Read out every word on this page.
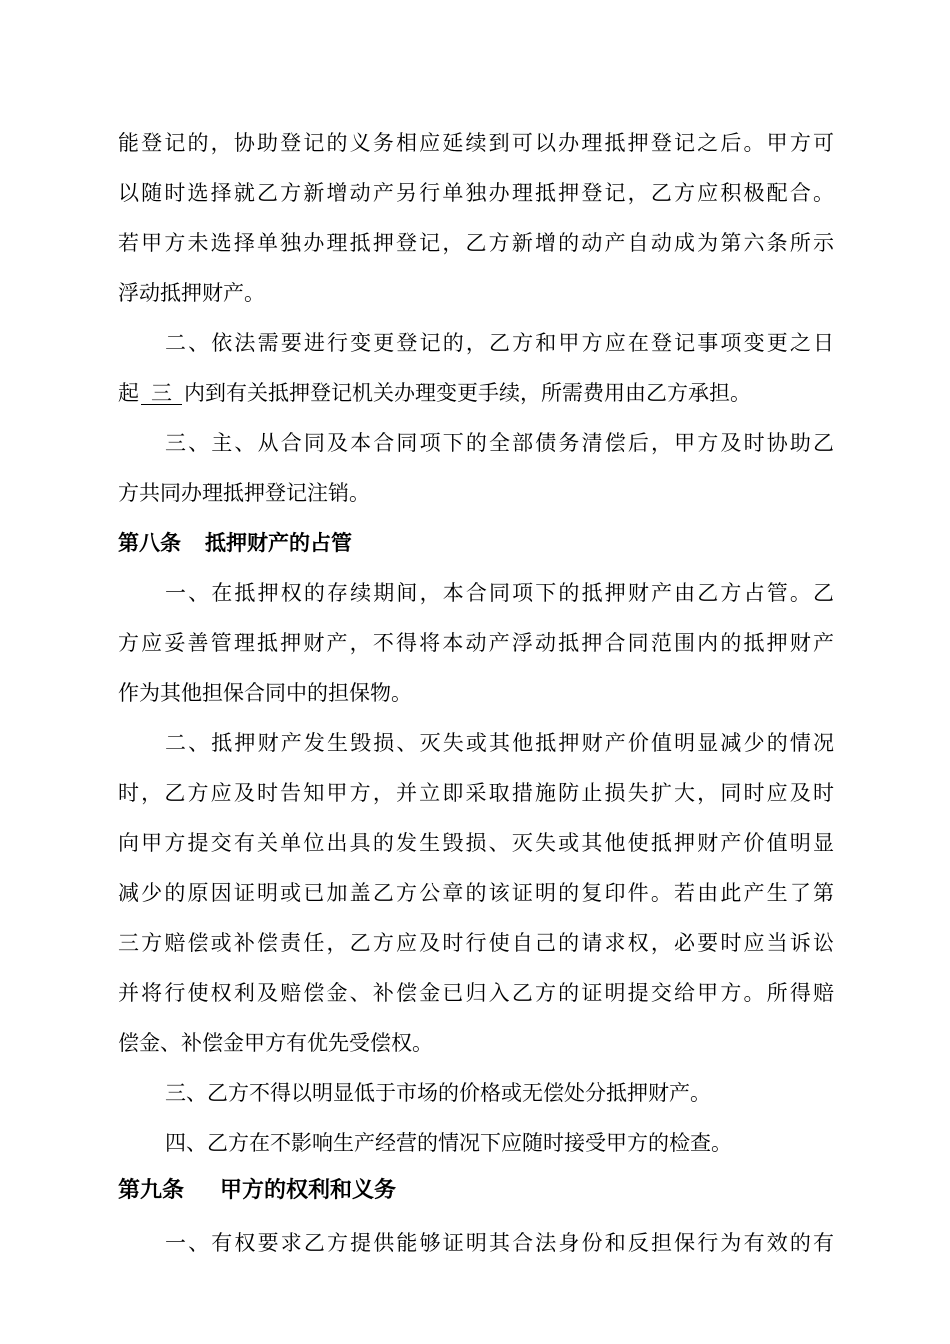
能登记的，协助登记的义务相应延续到可以办理抵押登记之后。甲方可
以随时选择就乙方新增动产另行单独办理抵押登记，乙方应积极配合。
若甲方未选择单独办理抵押登记，乙方新增的动产自动成为第六条所示
浮动抵押财产。
二、依法需要进行变更登记的，乙方和甲方应在登记事项变更之日
起 三 内到有关抵押登记机关办理变更手续，所需费用由乙方承担。
三、主、从合同及本合同项下的全部债务清偿后，甲方及时协助乙
方共同办理抵押登记注销。
第八条 抵押财产的占管
一、在抵押权的存续期间，本合同项下的抵押财产由乙方占管。乙
方应妥善管理抵押财产，不得将本动产浮动抵押合同范围内的抵押财产
作为其他担保合同中的担保物。
二、抵押财产发生毁损、灭失或其他抵押财产价值明显减少的情况
时，乙方应及时告知甲方，并立即采取措施防止损失扩大，同时应及时
向甲方提交有关单位出具的发生毁损、灭失或其他使抵押财产价值明显
减少的原因证明或已加盖乙方公章的该证明的复印件。若由此产生了第
三方赔偿或补偿责任，乙方应及时行使自己的请求权，必要时应当诉讼
并将行使权利及赔偿金、补偿金已归入乙方的证明提交给甲方。所得赔
偿金、补偿金甲方有优先受偿权。
三、乙方不得以明显低于市场的价格或无偿处分抵押财产。
四、乙方在不影响生产经营的情况下应随时接受甲方的检查。
第九条 甲方的权利和义务
一、有权要求乙方提供能够证明其合法身份和反担保行为有效的有
